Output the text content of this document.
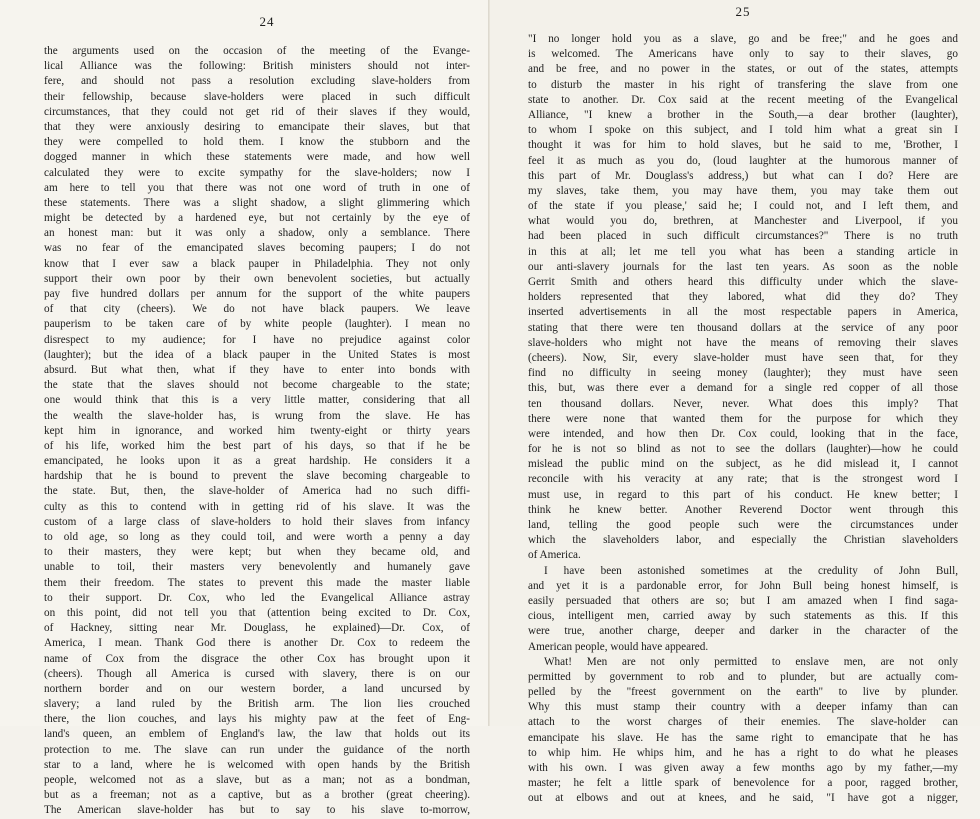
24
the arguments used on the occasion of the meeting of the Evange-
lical Alliance was the following: British ministers should not inter-
fere, and should not pass a resolution excluding slave-holders from
their fellowship, because slave-holders were placed in such difficult
circumstances, that they could not get rid of their slaves if they would,
that they were anxiously desiring to emancipate their slaves, but that
they were compelled to hold them. I know the stubborn and the
dogged manner in which these statements were made, and how well
calculated they were to excite sympathy for the slave-holders; now I
am here to tell you that there was not one word of truth in one of
these statements. There was a slight shadow, a slight glimmering which
might be detected by a hardened eye, but not certainly by the eye of
an honest man: but it was only a shadow, only a semblance. There
was no fear of the emancipated slaves becoming paupers; I do not
know that I ever saw a black pauper in Philadelphia. They not only
support their own poor by their own benevolent societies, but actually
pay five hundred dollars per annum for the support of the white paupers
of that city (cheers). We do not have black paupers. We leave
pauperism to be taken care of by white people (laughter). I mean no
disrespect to my audience; for I have no prejudice against color
(laughter); but the idea of a black pauper in the United States is most
absurd. But what then, what if they have to enter into bonds with
the state that the slaves should not become chargeable to the state;
one would think that this is a very little matter, considering that all
the wealth the slave-holder has, is wrung from the slave. He has
kept him in ignorance, and worked him twenty-eight or thirty years
of his life, worked him the best part of his days, so that if he be
emancipated, he looks upon it as a great hardship. He considers it a
hardship that he is bound to prevent the slave becoming chargeable to
the state. But, then, the slave-holder of America had no such diffi-
culty as this to contend with in getting rid of his slave. It was the
custom of a large class of slave-holders to hold their slaves from infancy
to old age, so long as they could toil, and were worth a penny a day
to their masters, they were kept; but when they became old, and
unable to toil, their masters very benevolently and humanely gave
them their freedom. The states to prevent this made the master liable
to their support. Dr. Cox, who led the Evangelical Alliance astray
on this point, did not tell you that (attention being excited to Dr. Cox,
of Hackney, sitting near Mr. Douglass, he explained)—Dr. Cox, of
America, I mean. Thank God there is another Dr. Cox to redeem the
name of Cox from the disgrace the other Cox has brought upon it
(cheers). Though all America is cursed with slavery, there is on our
northern border and on our western border, a land uncursed by
slavery; a land ruled by the British arm. The lion lies crouched
there, the lion couches, and lays his mighty paw at the feet of Eng-
land's queen, an emblem of England's law, the law that holds out its
protection to me. The slave can run under the guidance of the north
star to a land, where he is welcomed with open hands by the British
people, welcomed not as a slave, but as a man; not as a bondman,
but as a freeman; not as a captive, but as a brother (great cheering).
The American slave-holder has but to say to his slave to-morrow,
25
"I no longer hold you as a slave, go and be free;" and he goes and
is welcomed. The Americans have only to say to their slaves, go
and be free, and no power in the states, or out of the states, attempts
to disturb the master in his right of transfering the slave from one
state to another. Dr. Cox said at the recent meeting of the Evangelical
Alliance, "I knew a brother in the South,—a dear brother (laughter),
to whom I spoke on this subject, and I told him what a great sin I
thought it was for him to hold slaves, but he said to me, 'Brother, I
feel it as much as you do, (loud laughter at the humorous manner of
this part of Mr. Douglass's address,) but what can I do? Here are
my slaves, take them, you may have them, you may take them out
of the state if you please,' said he; I could not, and I left them, and
what would you do, brethren, at Manchester and Liverpool, if you
had been placed in such difficult circumstances?" There is no truth
in this at all; let me tell you what has been a standing article in
our anti-slavery journals for the last ten years. As soon as the noble
Gerrit Smith and others heard this difficulty under which the slave-
holders represented that they labored, what did they do? They
inserted advertisements in all the most respectable papers in America,
stating that there were ten thousand dollars at the service of any poor
slave-holders who might not have the means of removing their slaves
(cheers). Now, Sir, every slave-holder must have seen that, for they
find no difficulty in seeing money (laughter); they must have seen
this, but, was there ever a demand for a single red copper of all those
ten thousand dollars. Never, never. What does this imply? That
there were none that wanted them for the purpose for which they
were intended, and how then Dr. Cox could, looking that in the face,
for he is not so blind as not to see the dollars (laughter)—how he could
mislead the public mind on the subject, as he did mislead it, I cannot
reconcile with his veracity at any rate; that is the strongest word I
must use, in regard to this part of his conduct. He knew better; I
think he knew better. Another Reverend Doctor went through this
land, telling the good people such were the circumstances under
which the slaveholders labor, and especially the Christian slaveholders
of America.
I have been astonished sometimes at the credulity of John Bull,
and yet it is a pardonable error, for John Bull being honest himself, is
easily persuaded that others are so; but I am amazed when I find saga-
cious, intelligent men, carried away by such statements as this. If this
were true, another charge, deeper and darker in the character of the
American people, would have appeared.
What! Men are not only permitted to enslave men, are not only
permitted by government to rob and to plunder, but are actually com-
pelled by the "freest government on the earth" to live by plunder.
Why this must stamp their country with a deeper infamy than can
attach to the worst charges of their enemies. The slave-holder can
emancipate his slave. He has the same right to emancipate that he has
to whip him. He whips him, and he has a right to do what he pleases
with his own. I was given away a few months ago by my father,—my
master; he felt a little spark of benevolence for a poor, ragged brother,
out at elbows and out at knees, and he said, "I have got a nigger,
